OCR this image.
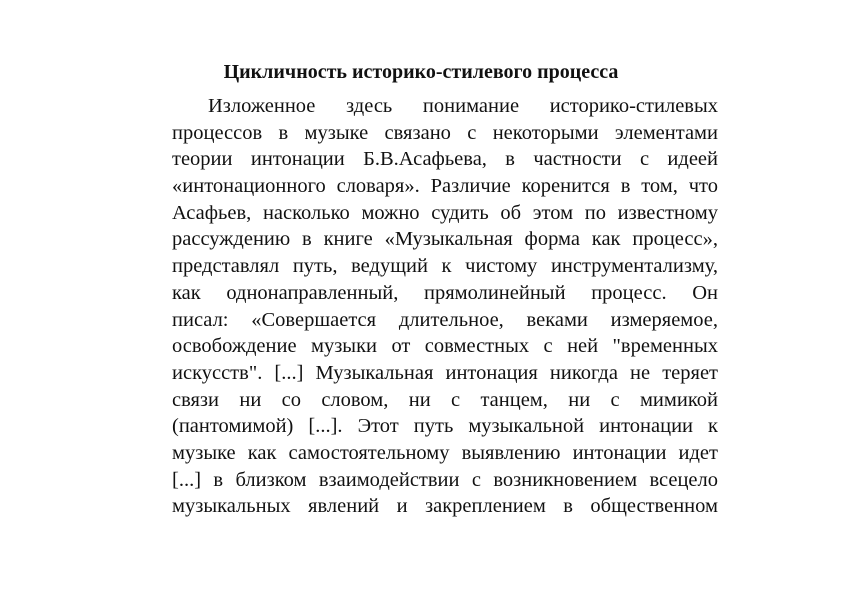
Цикличность историко-стилевого процесса
Изложенное здесь понимание историко-стилевых
процессов в музыке связано с некоторыми элементами
теории интонации Б.В.Асафьева, в частности с идеей
«интонационного словаря». Различие коренится в том, что
Асафьев, насколько можно судить об этом по известному
рассуждению в книге «Музыкальная форма как процесс»,
представлял путь, ведущий к чистому инструментализму,
как однонаправленный, прямолинейный процесс. Он
писал: «Совершается длительное, веками измеряемое,
освобождение музыки от совместных с ней "временных
искусств". [...] Музыкальная интонация никогда не теряет
связи ни со словом, ни с танцем, ни с мимикой
(пантомимой) [...]. Этот путь музыкальной интонации к
музыке как самостоятельному выявлению интонации идет
[...] в близком взаимодействии с возникновением всецело
музыкальных явлений и закреплением в общественном
